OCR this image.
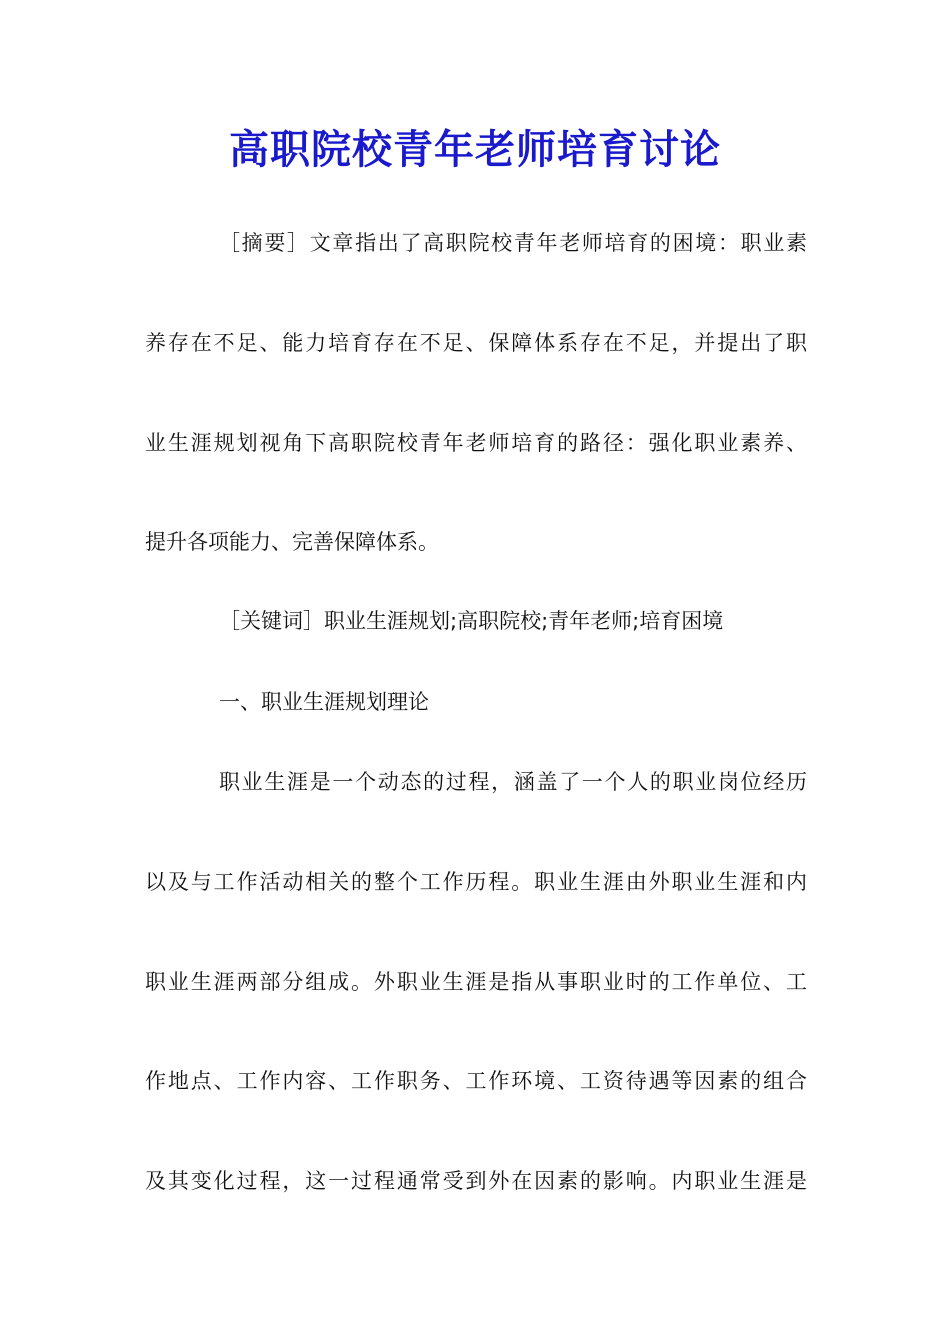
高职院校青年老师培育讨论
［摘要］文章指出了高职院校青年老师培育的困境：职业素
养存在不足、能力培育存在不足、保障体系存在不足，并提出了职
业生涯规划视角下高职院校青年老师培育的路径：强化职业素养、
提升各项能力、完善保障体系。
［关键词］职业生涯规划;高职院校;青年老师;培育困境
一、职业生涯规划理论
职业生涯是一个动态的过程，涵盖了一个人的职业岗位经历
以及与工作活动相关的整个工作历程。职业生涯由外职业生涯和内
职业生涯两部分组成。外职业生涯是指从事职业时的工作单位、工
作地点、工作内容、工作职务、工作环境、工资待遇等因素的组合
及其变化过程，这一过程通常受到外在因素的影响。内职业生涯是
